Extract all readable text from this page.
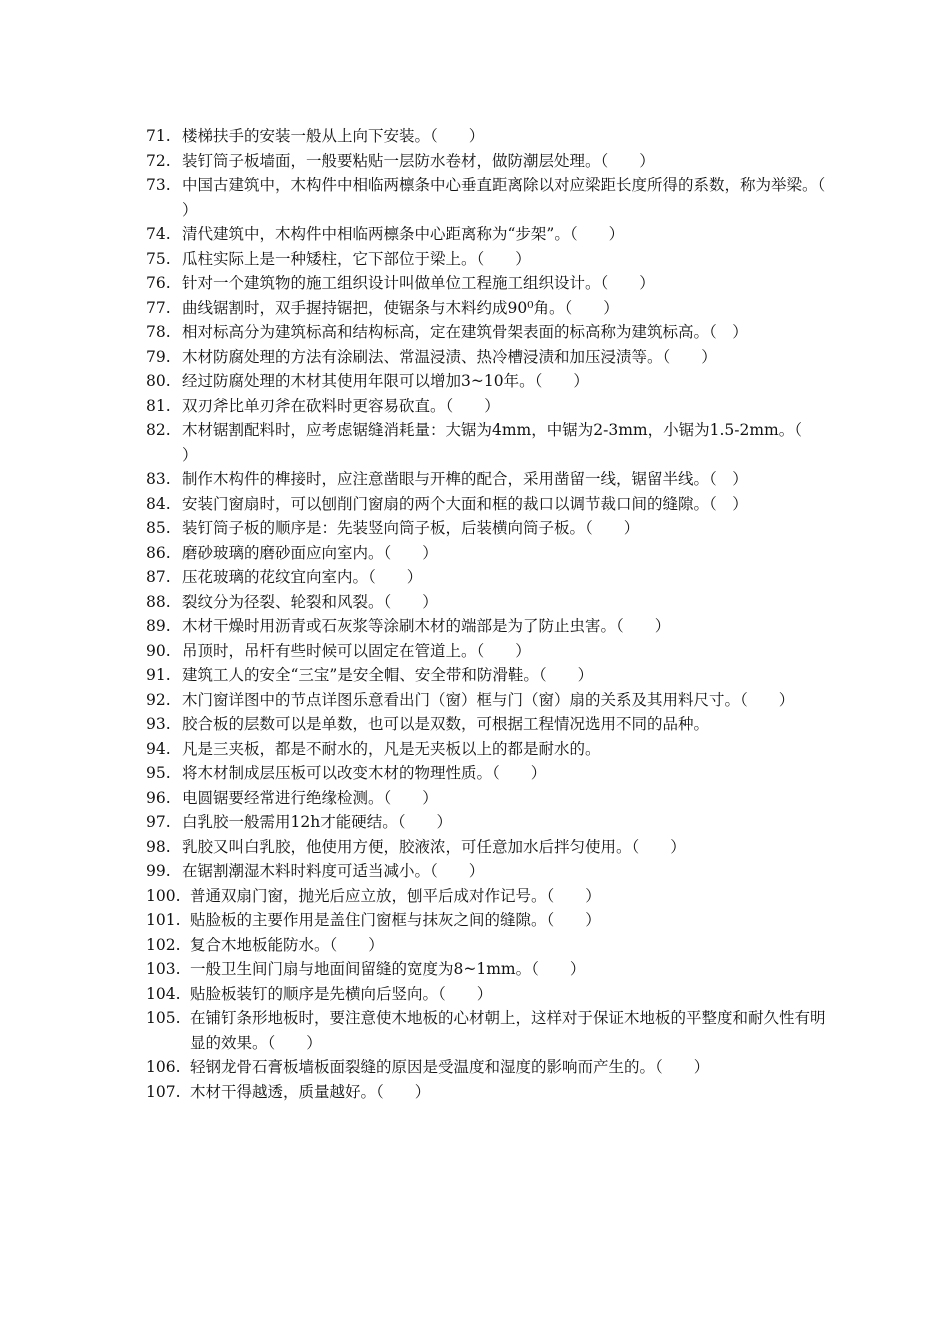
71. 楼梯扶手的安装一般从上向下安装。（　　）
72. 装钉筒子板墙面，一般要粘贴一层防水卷材，做防潮层处理。（　　）
73. 中国古建筑中，木构件中相临两檩条中心垂直距离除以对应梁距长度所得的系数，称为举梁。（　　）
74. 清代建筑中，木构件中相临两檩条中心距离称为“步架”。（　　）
75. 瓜柱实际上是一种矮柱，它下部位于梁上。（　　）
76. 针对一个建筑物的施工组织设计叫做单位工程施工组织设计。（　　）
77. 曲线锯割时，双手握持锯把，使锯条与木料约成90⁰角。（　　）
78. 相对标高分为建筑标高和结构标高，定在建筑骨架表面的标高称为建筑标高。（　）
79. 木材防腐处理的方法有涂刷法、常温浸渍、热冷槽浸渍和加压浸渍等。（　　）
80. 经过防腐处理的木材其使用年限可以增加3~10年。（　　）
81. 双刃斧比单刃斧在砍料时更容易砍直。（　　）
82. 木材锯割配料时，应考虑锯缝消耗量：大锯为4mm，中锯为2-3mm，小锯为1.5-2mm。（　　）
83. 制作木构件的榫接时，应注意凿眼与开榫的配合，采用凿留一线，锯留半线。（　）
84. 安装门窗扇时，可以刨削门窗扇的两个大面和框的裁口以调节裁口间的缝隙。（　）
85. 装钉筒子板的顺序是：先装竖向筒子板，后装横向筒子板。（　　）
86. 磨砂玻璃的磨砂面应向室内。（　　）
87. 压花玻璃的花纹宜向室内。（　　）
88. 裂纹分为径裂、轮裂和风裂。（　　）
89. 木材干燥时用沥青或石灰浆等涂刷木材的端部是为了防止虫害。（　　）
90. 吊顶时，吊杆有些时候可以固定在管道上。（　　）
91. 建筑工人的安全“三宝”是安全帽、安全带和防滑鞋。（　　）
92. 木门窗详图中的节点详图乐意看出门（窗）框与门（窗）扇的关系及其用料尺寸。（　　）
93. 胶合板的层数可以是单数，也可以是双数，可根据工程情况选用不同的品种。
94. 凡是三夹板，都是不耐水的，凡是无夹板以上的都是耐水的。
95. 将木材制成层压板可以改变木材的物理性质。（　　）
96. 电圆锯要经常进行绝缘检测。（　　）
97. 白乳胶一般需用12h才能硬结。（　　）
98. 乳胶又叫白乳胶，他使用方便，胶液浓，可任意加水后拌匀使用。（　　）
99. 在锯割潮湿木料时料度可适当减小。（　　）
100. 普通双扇门窗，抛光后应立放，刨平后成对作记号。（　　）
101. 贴脸板的主要作用是盖住门窗框与抹灰之间的缝隙。（　　）
102. 复合木地板能防水。（　　）
103. 一般卫生间门扇与地面间留缝的宽度为8~1mm。（　　）
104. 贴脸板装钉的顺序是先横向后竖向。（　　）
105. 在铺钉条形地板时，要注意使木地板的心材朝上，这样对于保证木地板的平整度和耐久性有明显的效果。（　　）
106. 轻钢龙骨石膏板墙板面裂缝的原因是受温度和湿度的影响而产生的。（　　）
107. 木材干得越透，质量越好。（　　）
